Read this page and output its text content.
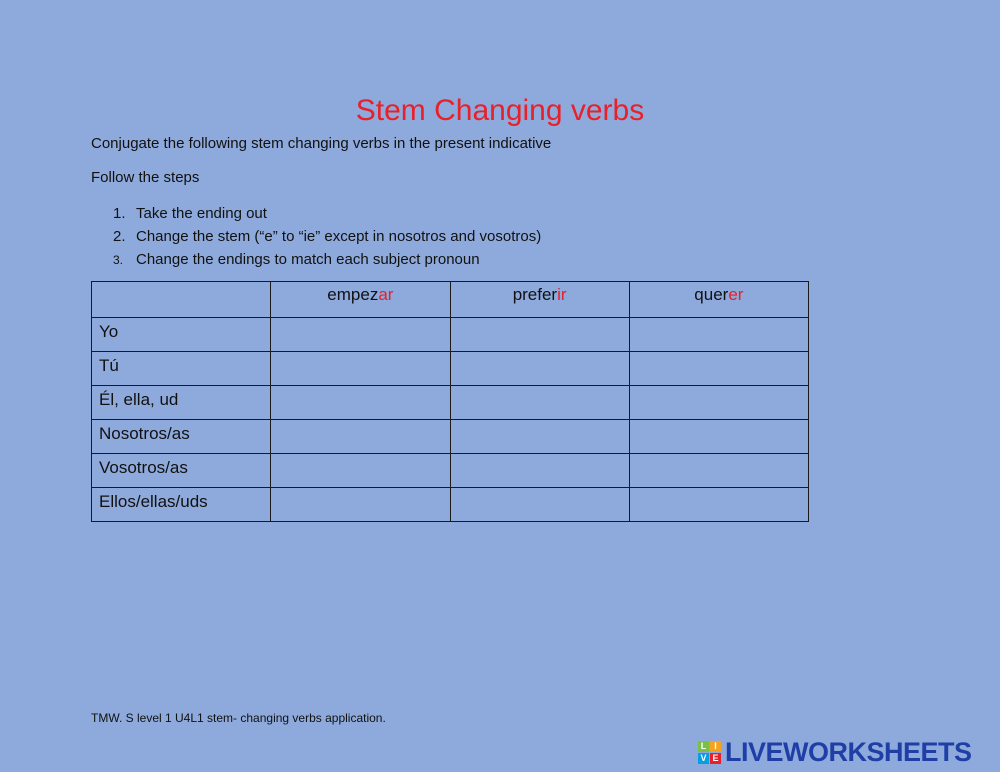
Stem Changing verbs
Conjugate the following stem changing verbs in the present indicative
Follow the steps
1. Take the ending out
2. Change the stem (“e” to “ie” except in nosotros and vosotros)
3. Change the endings to match each subject pronoun
	empezar	preferir	querer
Yo			
Tú			
Él, ella, ud			
Nosotros/as			
Vosotros/as			
Ellos/ellas/uds			
TMW. S level 1 U4L1 stem- changing verbs application.
L I
V E LIVEWORKSHEETS
